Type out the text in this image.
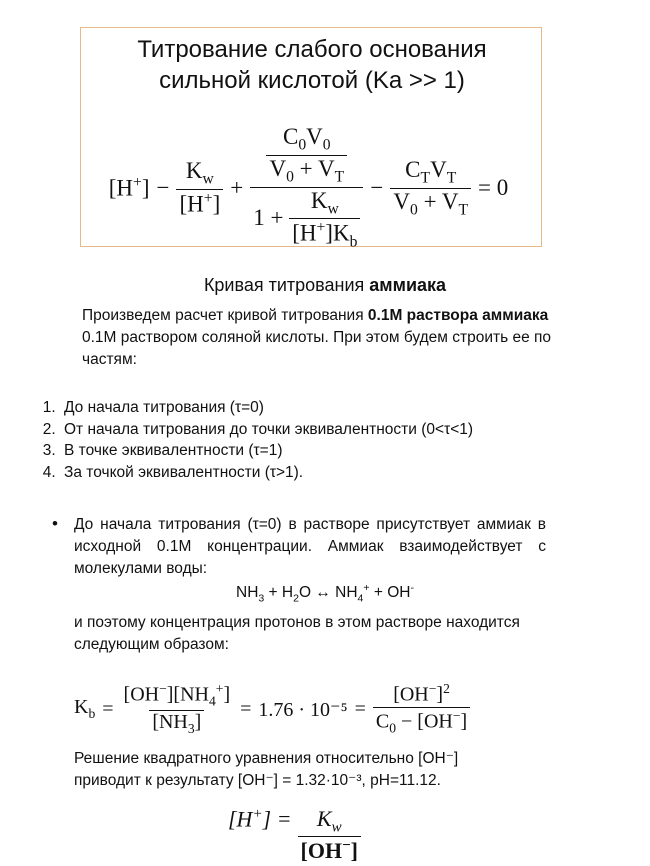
Титрование слабого основания
сильной кислотой (Ka >> 1)
$[H^+] - \frac{K_w}{[H^+]} + \frac{\frac{C_0V_0}{V_0 + V_T}}{1 + \frac{K_w}{[H^+]K_b}} - \frac{C_TV_T}{V_0 + V_T} = 0$
Кривая титрования аммиака
Произведем расчет кривой титрования 0.1М раствора аммиака 0.1М раствором соляной кислоты. При этом будем строить ее по частям:
1. До начала титрования (τ=0)
2. От начала титрования до точки эквивалентности (0<τ<1)
3. В точке эквивалентности (τ=1)
4. За точкой эквивалентности (τ>1).
• До начала титрования (τ=0) в растворе присутствует аммиак в исходной 0.1М концентрации. Аммиак взаимодействует с молекулами воды:
$NH_3 + H_2O$ ↔ $NH_4^+ + OH^-$
и поэтому концентрация протонов в этом растворе находится следующим образом:
$K_b = \frac{[OH^-][NH_4^+]}{[NH_3]} = 1.76 \cdot 10^{-5} = \frac{[OH^-]^2}{C_0 - [OH^-]}$
Решение квадратного уравнения относительно [OH⁻]
приводит к результату [OH⁻] = 1.32·10⁻³, pH=11.12.
$[H^+] = \frac{K_w}{[OH^-]}$
